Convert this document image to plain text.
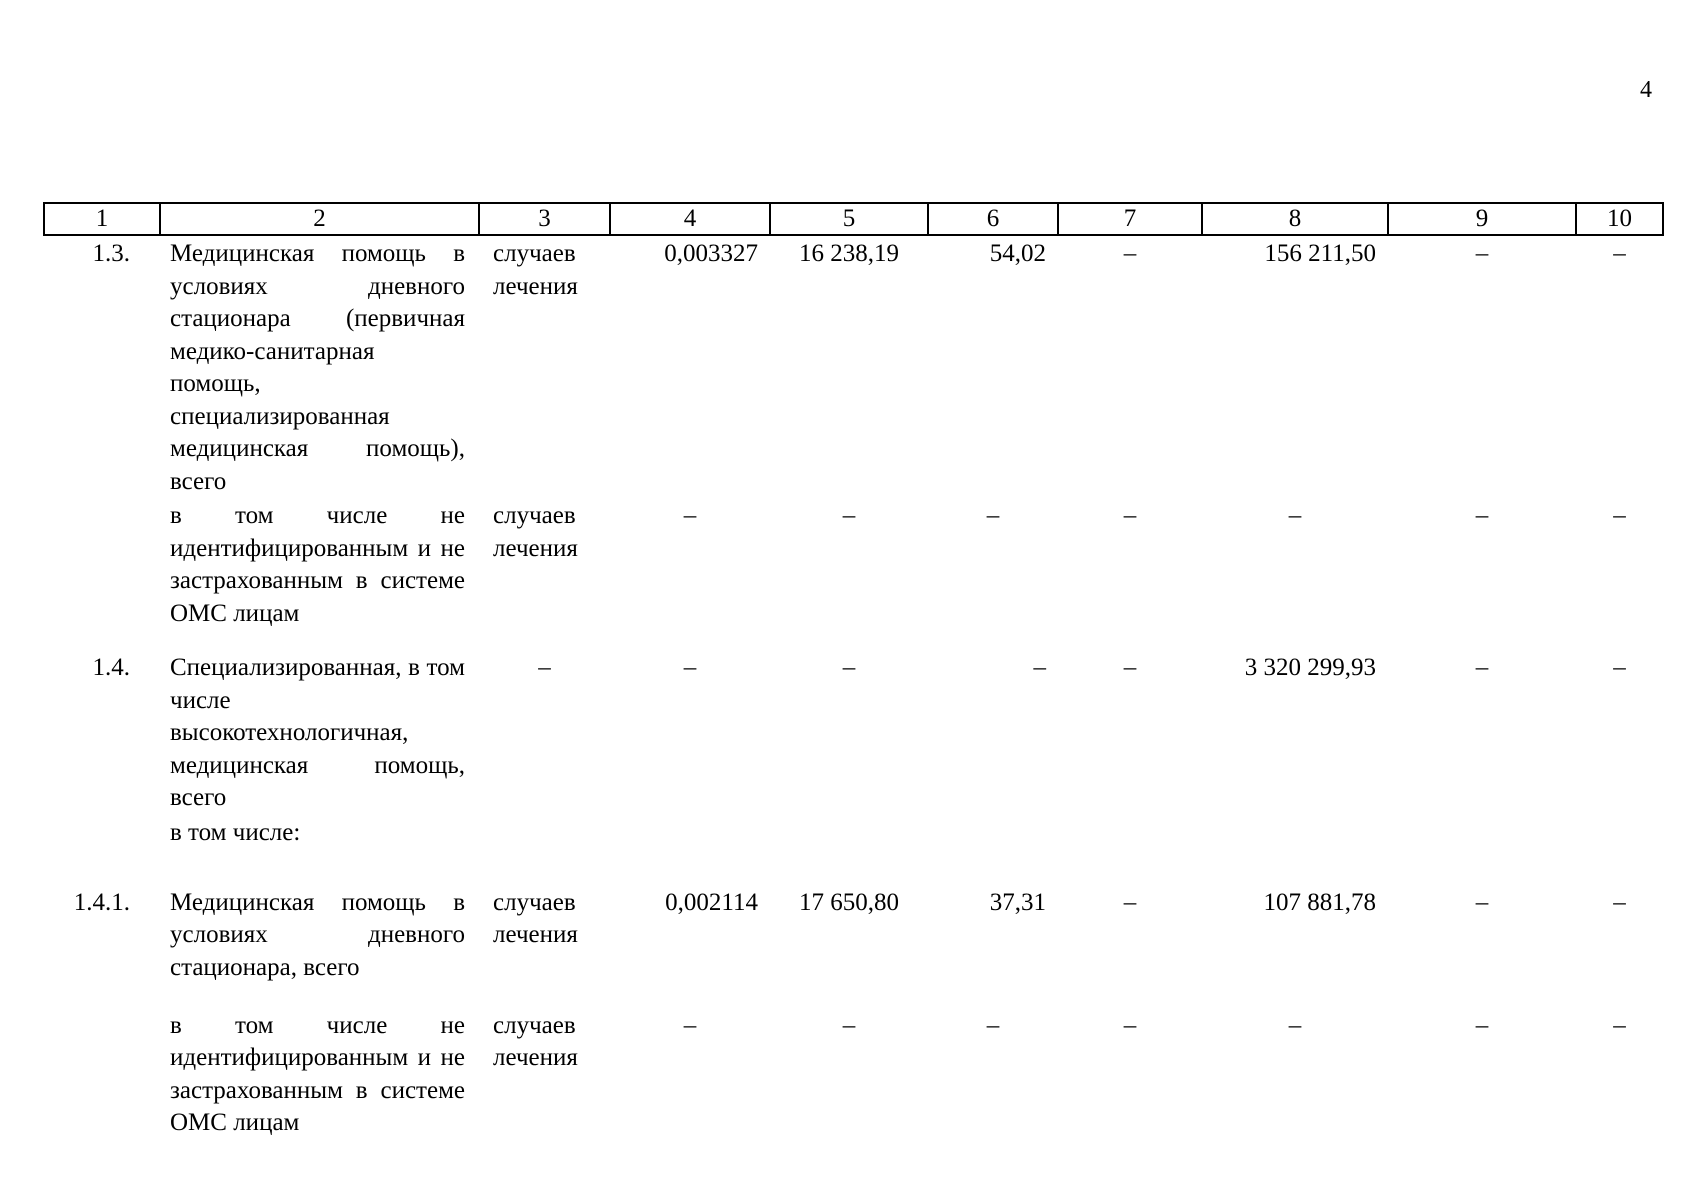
4
1	2	3	4	5	6	7	8	9	10
1.3.	Медицинская помощь в условиях дневного стационара (первичная медико-санитарная помощь, специализированная медицинская помощь), всего	случаев лечения	0,003327	16 238,19	54,02	–	156 211,50	–	–
	в том числе не идентифицированным и не застрахованным в системе ОМС лицам	случаев лечения	–	–	–	–	–	–	–
1.4.	Специализированная, в том числе высокотехнологичная, медицинская помощь, всего	–	–	–	–	–	3 320 299,93	–	–
	в том числе:								
1.4.1.	Медицинская помощь в условиях дневного стационара, всего	случаев лечения	0,002114	17 650,80	37,31	–	107 881,78	–	–
	в том числе не идентифицированным и не застрахованным в системе ОМС лицам	случаев лечения	–	–	–	–	–	–	–
